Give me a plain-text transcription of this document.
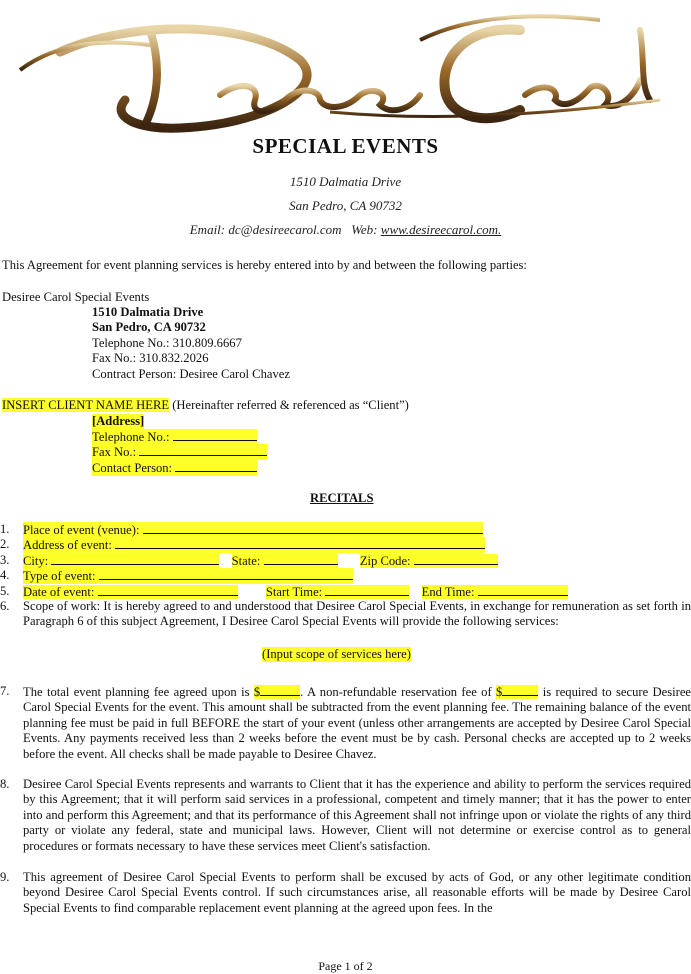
SPECIAL EVENTS
1510 Dalmatia Drive
San Pedro, CA 90732
Email: dc@desireecarol.com Web: www.desireecarol.com.
This Agreement for event planning services is hereby entered into by and between the following parties:
Desiree Carol Special Events
1510 Dalmatia Drive
San Pedro, CA 90732
Telephone No.: 310.809.6667
Fax No.: 310.832.2026
Contract Person: Desiree Carol Chavez
INSERT CLIENT NAME HERE (Hereinafter referred & referenced as “Client”)
[Address]
Telephone No.:
Fax No.:
Contact Person:
RECITALS
1. Place of event (venue):
2. Address of event:
3. City:	State:	Zip Code:
4. Type of event:
5. Date of event:	Start Time:	End Time:
6. Scope of work: It is hereby agreed to and understood that Desiree Carol Special Events, in exchange for remuneration as set forth in Paragraph 6 of this subject Agreement, I Desiree Carol Special Events will provide the following services:
(Input scope of services here)
7. The total event planning fee agreed upon is $	. A non-refundable reservation fee of $	is required to secure Desiree Carol Special Events for the event. This amount shall be subtracted from the event planning fee. The remaining balance of the event planning fee must be paid in full BEFORE the start of your event (unless other arrangements are accepted by Desiree Carol Special Events. Any payments received less than 2 weeks before the event must be by cash. Personal checks are accepted up to 2 weeks before the event. All checks shall be made payable to Desiree Chavez.
8. Desiree Carol Special Events represents and warrants to Client that it has the experience and ability to perform the services required by this Agreement; that it will perform said services in a professional, competent and timely manner; that it has the power to enter into and perform this Agreement; and that its performance of this Agreement shall not infringe upon or violate the rights of any third party or violate any federal, state and municipal laws. However, Client will not determine or exercise control as to general procedures or formats necessary to have these services meet Client's satisfaction.
9. This agreement of Desiree Carol Special Events to perform shall be excused by acts of God, or any other legitimate condition beyond Desiree Carol Special Events control. If such circumstances arise, all reasonable efforts will be made by Desiree Carol Special Events to find comparable replacement event planning at the agreed upon fees. In the
Page 1 of 2
